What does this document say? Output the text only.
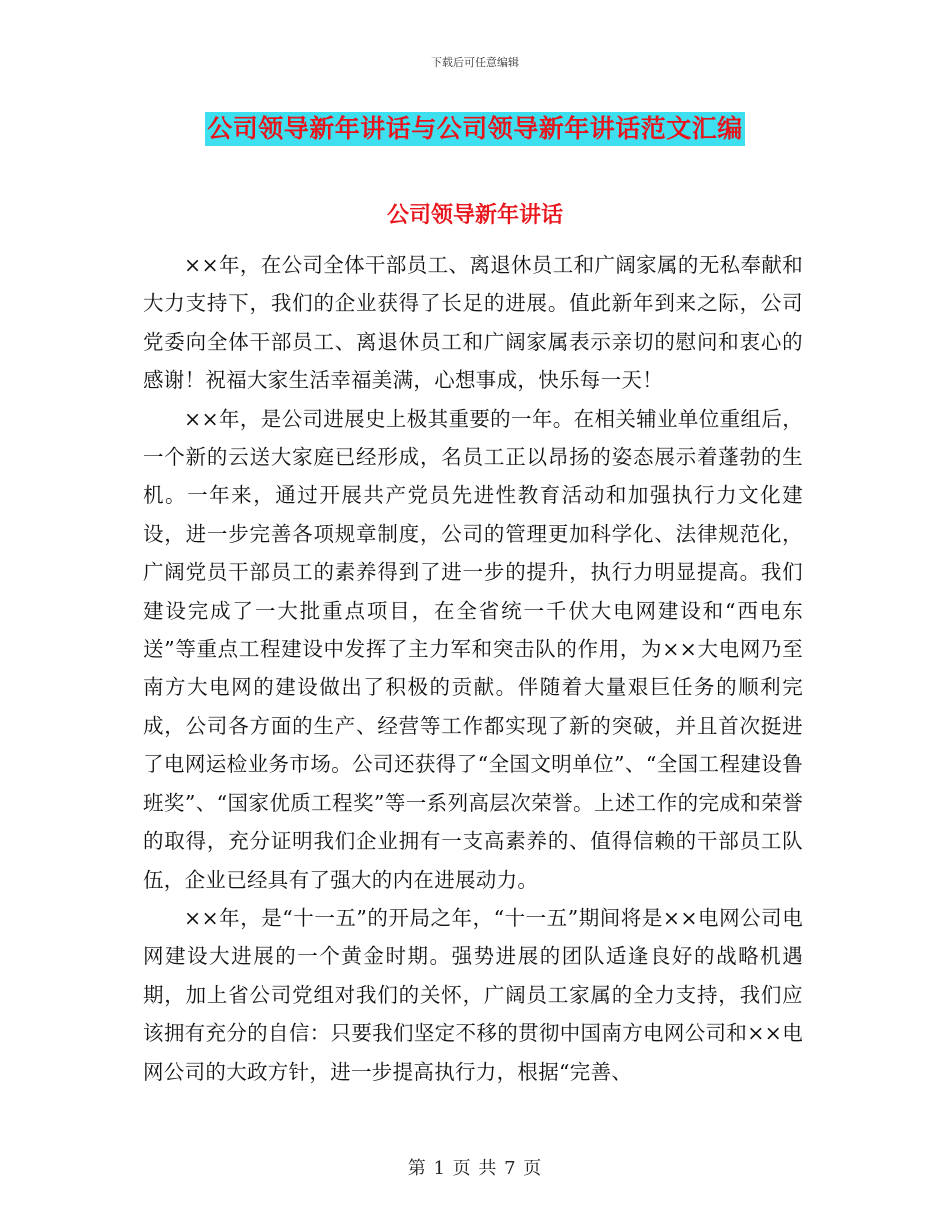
下载后可任意编辑
公司领导新年讲话与公司领导新年讲话范文汇编
公司领导新年讲话

××年，在公司全体干部员工、离退休员工和广阔家属的无私奉献和大力支持下，我们的企业获得了长足的进展。值此新年到来之际，公司党委向全体干部员工、离退休员工和广阔家属表示亲切的慰问和衷心的感谢！祝福大家生活幸福美满，心想事成，快乐每一天！

××年，是公司进展史上极其重要的一年。在相关辅业单位重组后，一个新的云送大家庭已经形成，名员工正以昂扬的姿态展示着蓬勃的生机。一年来，通过开展共产党员先进性教育活动和加强执行力文化建设，进一步完善各项规章制度，公司的管理更加科学化、法律规范化，广阔党员干部员工的素养得到了进一步的提升，执行力明显提高。我们建设完成了一大批重点项目，在全省统一千伏大电网建设和“西电东送”等重点工程建设中发挥了主力军和突击队的作用，为××大电网乃至南方大电网的建设做出了积极的贡献。伴随着大量艰巨任务的顺利完成，公司各方面的生产、经营等工作都实现了新的突破，并且首次挺进了电网运检业务市场。公司还获得了“全国文明单位”、“全国工程建设鲁班奖”、“国家优质工程奖”等一系列高层次荣誉。上述工作的完成和荣誉的取得，充分证明我们企业拥有一支高素养的、值得信赖的干部员工队伍，企业已经具有了强大的内在进展动力。

××年，是“十一五”的开局之年，“十一五”期间将是××电网公司电网建设大进展的一个黄金时期。强势进展的团队适逢良好的战略机遇期，加上省公司党组对我们的关怀，广阔员工家属的全力支持，我们应该拥有充分的自信：只要我们坚定不移的贯彻中国南方电网公司和××电网公司的大政方针，进一步提高执行力，根据“完善、

第 1 页 共 7 页
